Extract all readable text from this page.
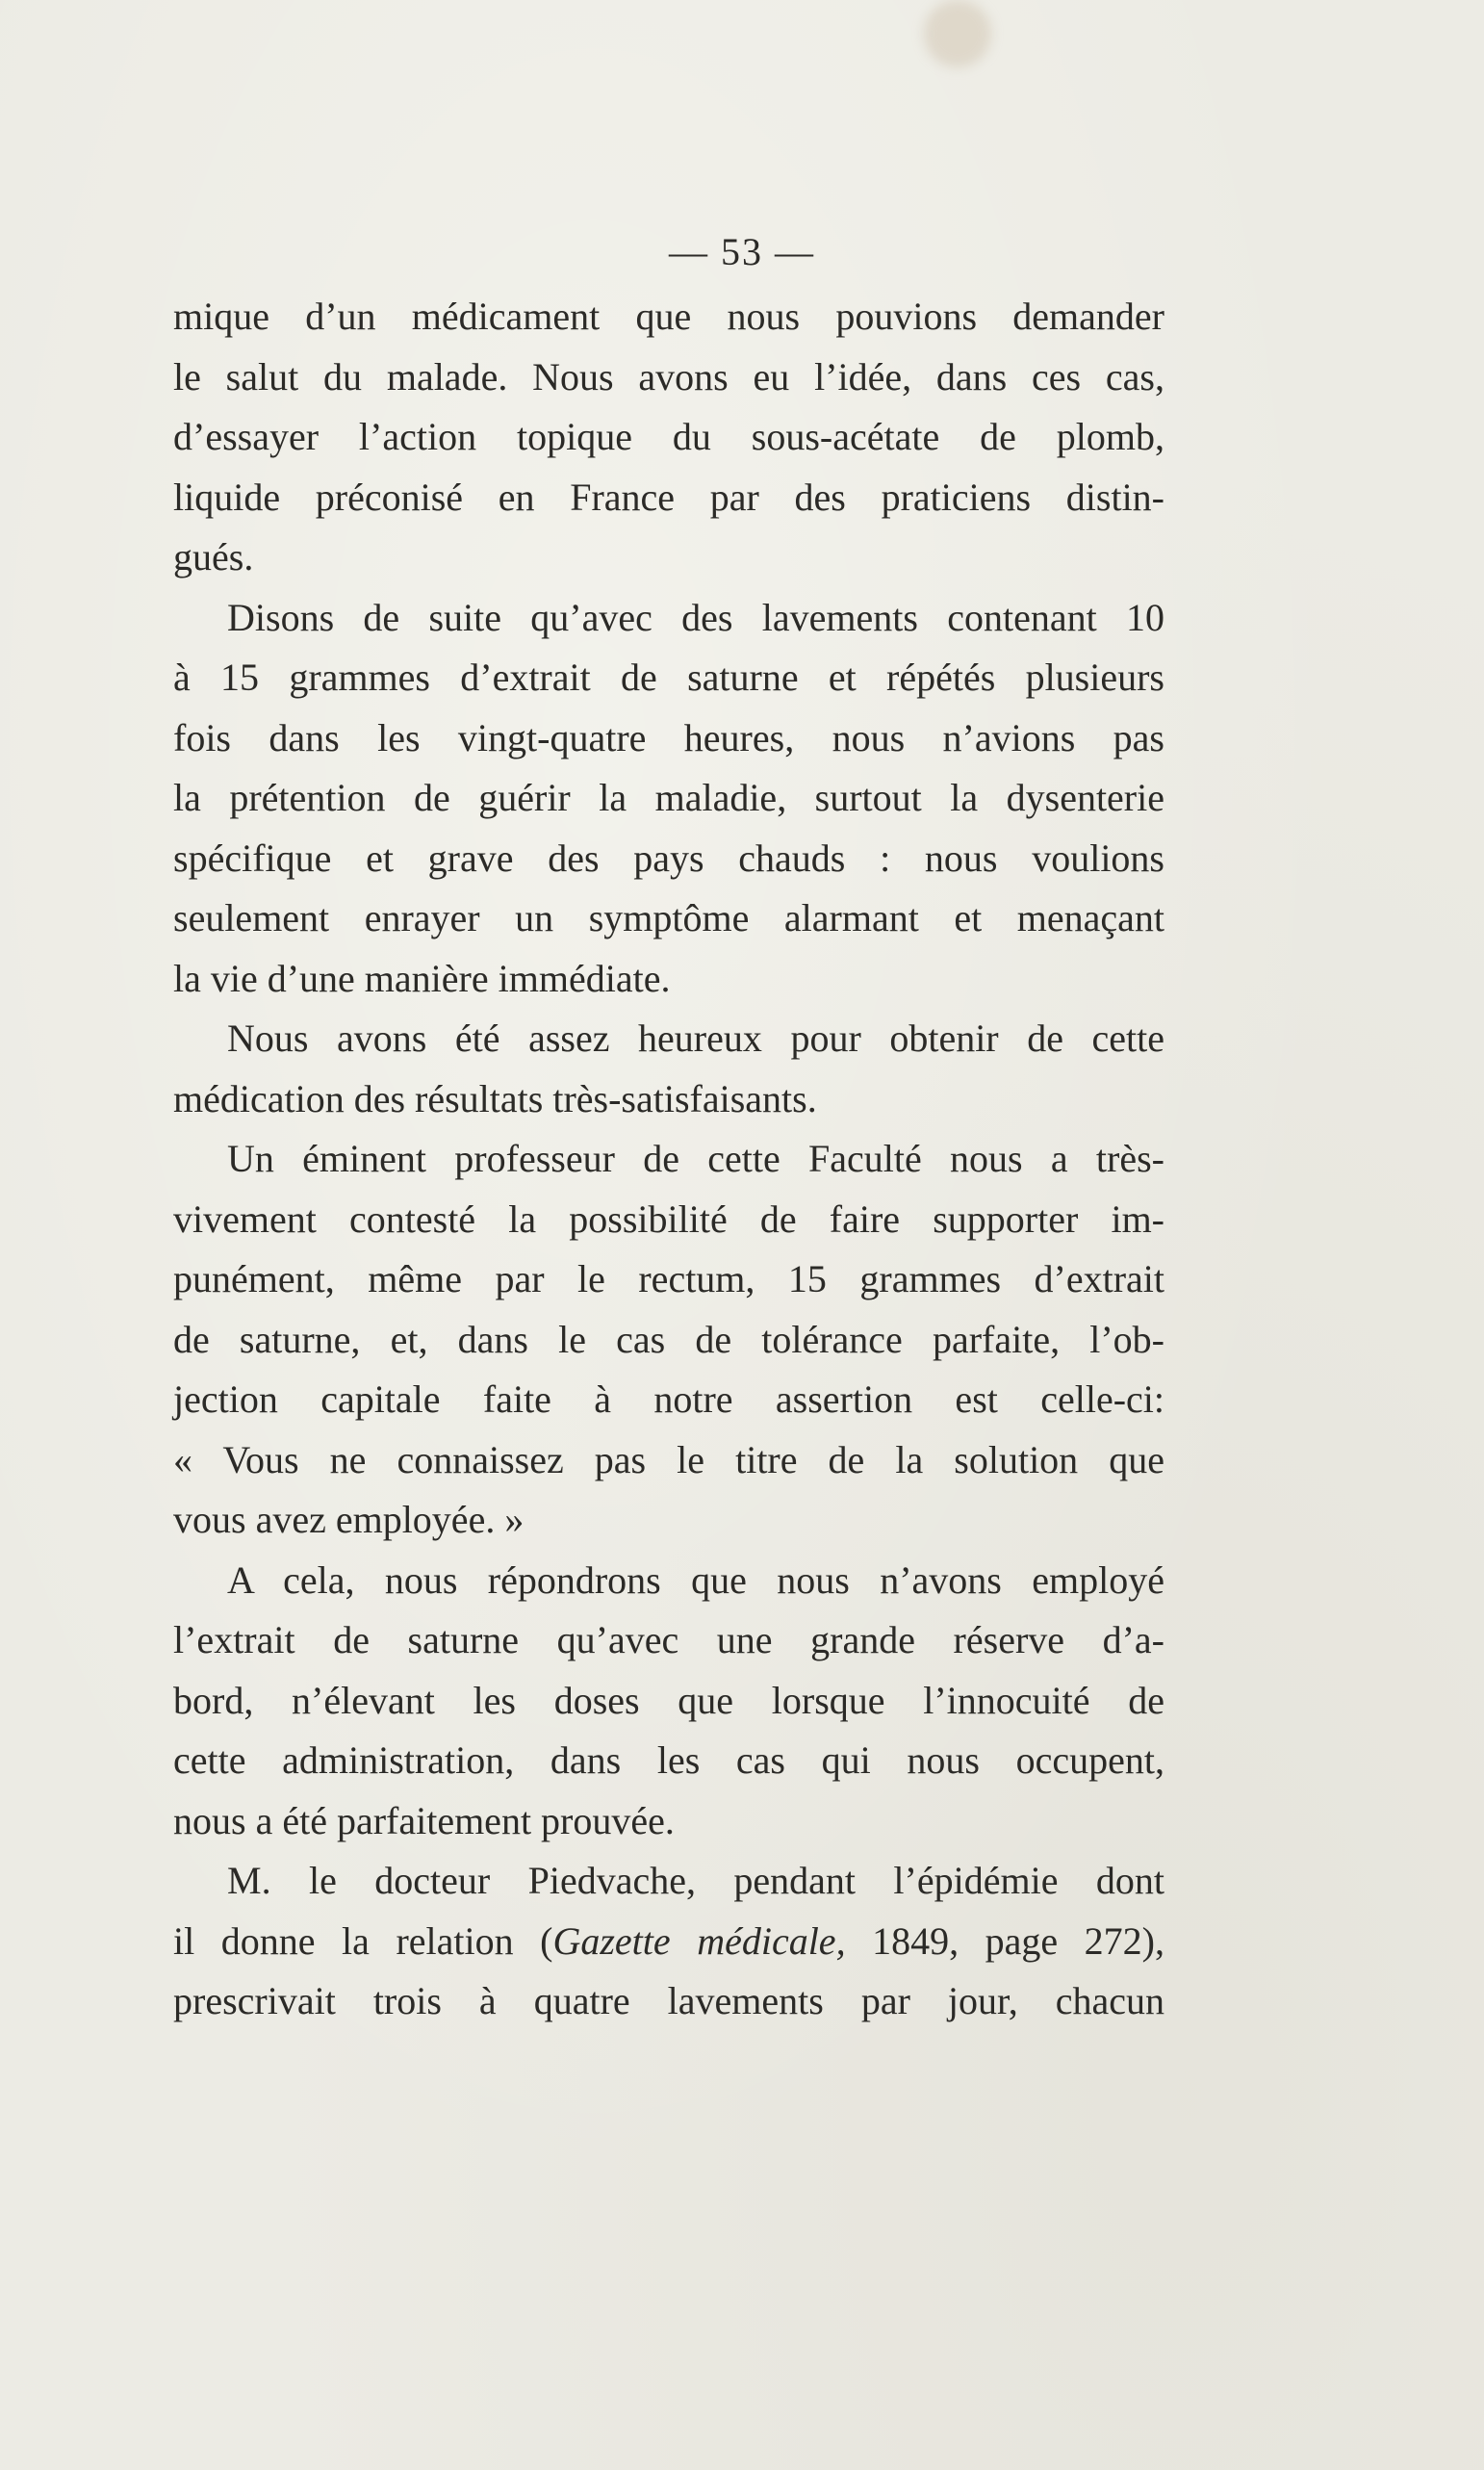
— 53 —
mique d’un médicament que nous pouvions demander
le salut du malade. Nous avons eu l’idée, dans ces cas,
d’essayer l’action topique du sous-acétate de plomb,
liquide préconisé en France par des praticiens distin-
gués.
Disons de suite qu’avec des lavements contenant 10
à 15 grammes d’extrait de saturne et répétés plusieurs
fois dans les vingt-quatre heures, nous n’avions pas
la prétention de guérir la maladie, surtout la dysenterie
spécifique et grave des pays chauds : nous voulions
seulement enrayer un symptôme alarmant et menaçant
la vie d’une manière immédiate.
Nous avons été assez heureux pour obtenir de cette
médication des résultats très-satisfaisants.
Un éminent professeur de cette Faculté nous a très-
vivement contesté la possibilité de faire supporter im-
punément, même par le rectum, 15 grammes d’extrait
de saturne, et, dans le cas de tolérance parfaite, l’ob-
jection capitale faite à notre assertion est celle-ci:
« Vous ne connaissez pas le titre de la solution que
vous avez employée. »
A cela, nous répondrons que nous n’avons employé
l’extrait de saturne qu’avec une grande réserve d’a-
bord, n’élevant les doses que lorsque l’innocuité de
cette administration, dans les cas qui nous occupent,
nous a été parfaitement prouvée.
M. le docteur Piedvache, pendant l’épidémie dont
il donne la relation (Gazette médicale, 1849, page 272),
prescrivait trois à quatre lavements par jour, chacun
